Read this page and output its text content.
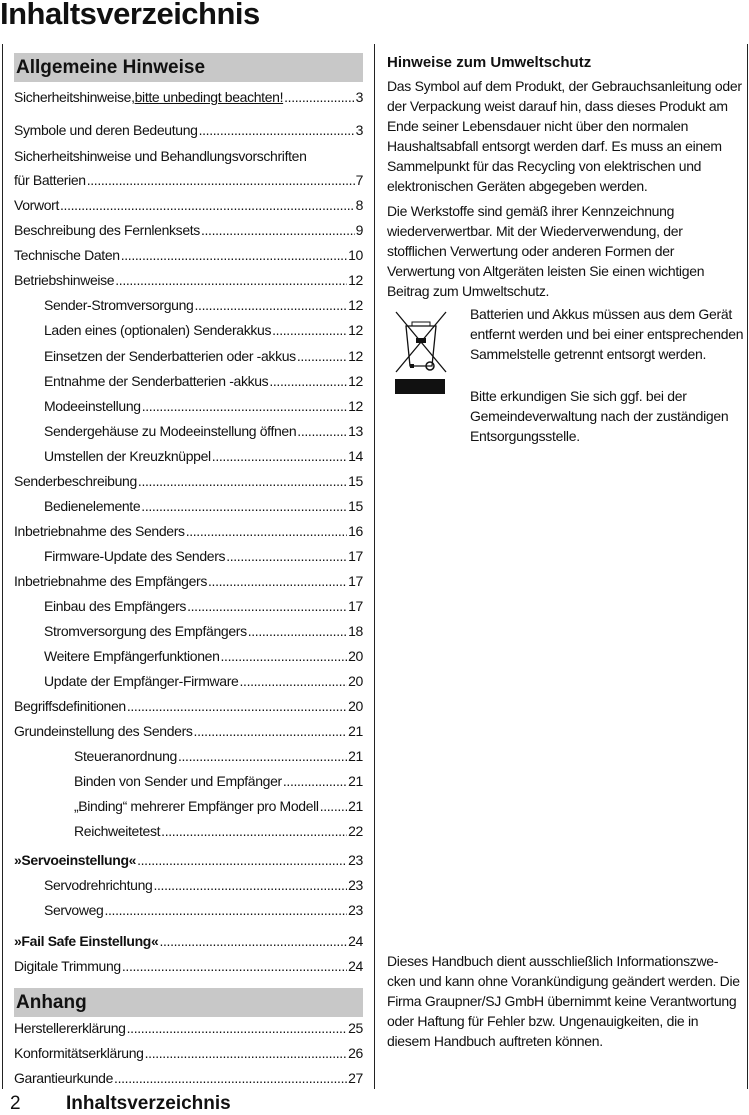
Inhaltsverzeichnis
Allgemeine Hinweise
Anhang
Sicherheitshinweise, bitte unbedingt beachten! .....	3
Symbole und deren Bedeutung .....	3
Sicherheitshinweise und Behandlungsvorschriften
für Batterien .....	7
Vorwort .....	8
Beschreibung des Fernlenksets .....	9
Technische Daten .....	10
Betriebshinweise .....	12
Sender-Stromversorgung .....	12
Laden eines (optionalen) Senderakkus .....	12
Einsetzen der Senderbatterien oder -akkus .....	12
Entnahme der Senderbatterien -akkus .....	12
Modeeinstellung .....	12
Sendergehäuse zu Modeeinstellung öffnen .....	13
Umstellen der Kreuzknüppel .....	14
Senderbeschreibung .....	15
Bedienelemente .....	15
Inbetriebnahme des Senders .....	16
Firmware-Update des Senders .....	17
Inbetriebnahme des Empfängers .....	17
Einbau des Empfängers .....	17
Stromversorgung des Empfängers .....	18
Weitere Empfängerfunktionen .....	20
Update der Empfänger-Firmware .....	20
Begriffsdefinitionen .....	20
Grundeinstellung des Senders .....	21
Steueranordnung .....	21
Binden von Sender und Empfänger .....	21
„Binding“ mehrerer Empfänger pro Modell ..... 21
Reichweitetest .....	22
»Servoeinstellung« .....	23
Servodrehrichtung .....	23
Servoweg .....	23
»Fail Safe Einstellung« .....	24
Digitale Trimmung .....	24
Herstellererklärung .....	25
Konformitätserklärung .....	26
Garantieurkunde .....	27
Hinweise zum Umweltschutz
Das Symbol auf dem Produkt, der Gebrauchsanleitung oder der Verpackung weist darauf hin, dass dieses Produkt am Ende seiner Lebensdauer nicht über den normalen Haushaltsabfall entsorgt werden darf. Es muss an einem Sammelpunkt für das Recycling von elektrischen und elektronischen Geräten abgegeben werden.
Die Werkstoffe sind gemäß ihrer Kennzeichnung wiederverwertbar. Mit der Wiederverwendung, der stofflichen Verwertung oder anderen Formen der Verwertung von Altgeräten leisten Sie einen wichtigen Beitrag zum Umweltschutz.
Batterien und Akkus müssen aus dem Gerät entfernt werden und bei einer entsprechenden Sammelstelle getrennt entsorgt werden.
Bitte erkundigen Sie sich ggf. bei der Gemeindeverwaltung nach der zuständigen Entsorgungsstelle.
Dieses Handbuch dient ausschließlich Informationszwecken und kann ohne Vorankündigung geändert werden. Die Firma Graupner/SJ GmbH übernimmt keine Verantwortung oder Haftung für Fehler bzw. Ungenauigkeiten, die in diesem Handbuch auftreten können.
2 Inhaltsverzeichnis
